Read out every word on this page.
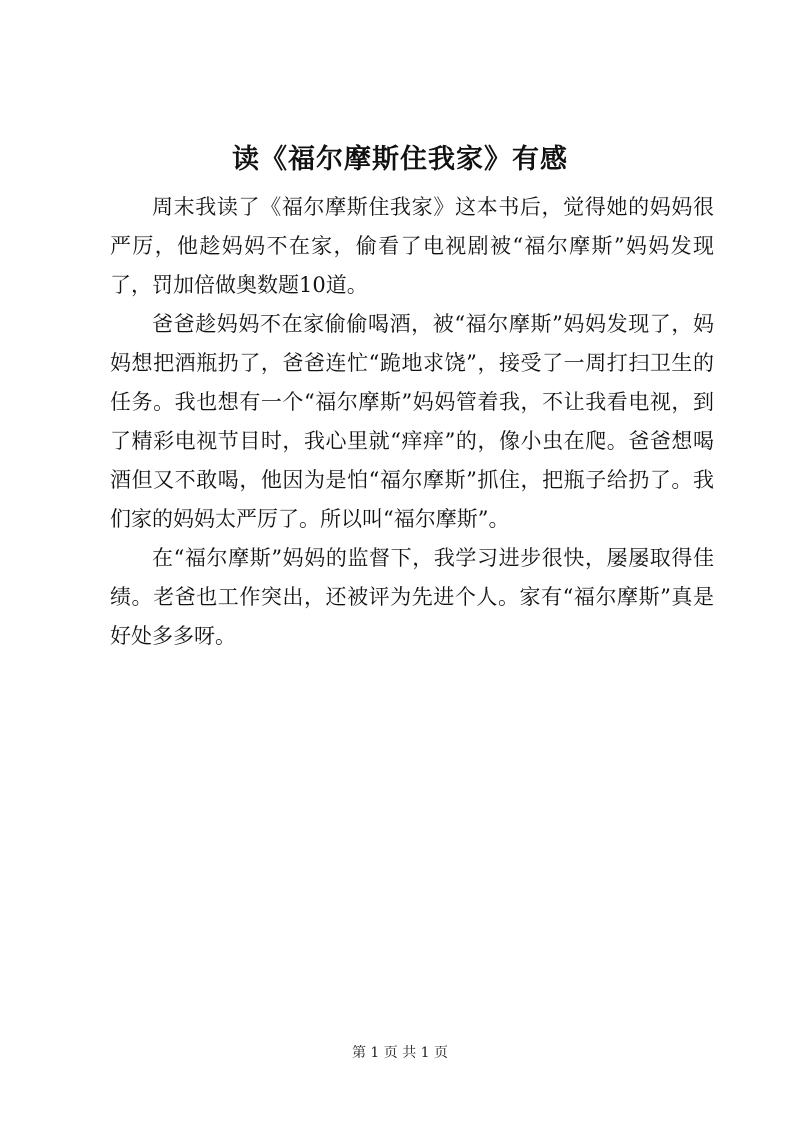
读《福尔摩斯住我家》有感

周末我读了《福尔摩斯住我家》这本书后，觉得她的妈妈很严厉，他趁妈妈不在家，偷看了电视剧被“福尔摩斯”妈妈发现了，罚加倍做奥数题10道。

爸爸趁妈妈不在家偷偷喝酒，被“福尔摩斯”妈妈发现了，妈妈想把酒瓶扔了，爸爸连忙“跪地求饶”，接受了一周打扫卫生的任务。我也想有一个“福尔摩斯”妈妈管着我，不让我看电视，到了精彩电视节目时，我心里就“痒痒”的，像小虫在爬。爸爸想喝酒但又不敢喝，他因为是怕“福尔摩斯”抓住，把瓶子给扔了。我们家的妈妈太严厉了。所以叫“福尔摩斯”。

在“福尔摩斯”妈妈的监督下，我学习进步很快，屡屡取得佳绩。老爸也工作突出，还被评为先进个人。家有“福尔摩斯”真是好处多多呀。

第 1 页 共 1 页
